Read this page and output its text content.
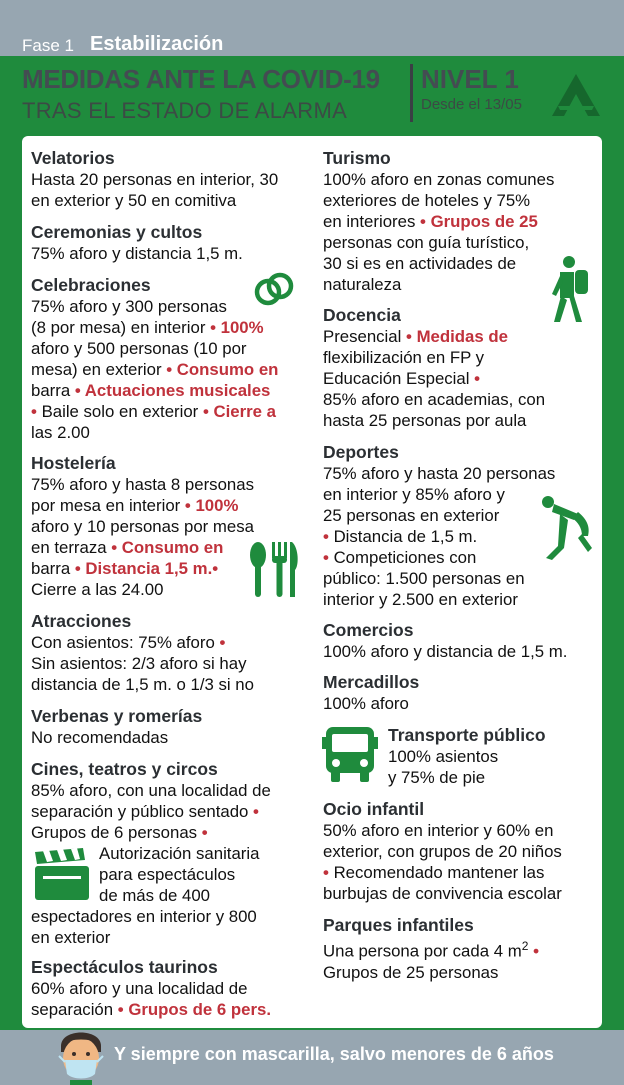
Fase 1 Estabilización
MEDIDAS ANTE LA COVID-19
TRAS EL ESTADO DE ALARMA
NIVEL 1
Desde el 13/05
Velatorios
Hasta 20 personas en interior, 30
en exterior y 50 en comitiva
Ceremonias y cultos
75% aforo y distancia 1,5 m.
Celebraciones
75% aforo y 300 personas
(8 por mesa) en interior • 100%
aforo y 500 personas (10 por
mesa) en exterior • Consumo en
barra • Actuaciones musicales
• Baile solo en exterior • Cierre a
las 2.00
Hostelería
75% aforo y hasta 8 personas
por mesa en interior • 100%
aforo y 10 personas por mesa
en terraza • Consumo en
barra • Distancia 1,5 m.•
Cierre a las 24.00
Atracciones
Con asientos: 75% aforo •
Sin asientos: 2/3 aforo si hay
distancia de 1,5 m. o 1/3 si no
Verbenas y romerías
No recomendadas
Cines, teatros y circos
85% aforo, con una localidad de
separación y público sentado •
Grupos de 6 personas •
Autorización sanitaria
para espectáculos
de más de 400
espectadores en interior y 800
en exterior
Espectáculos taurinos
60% aforo y una localidad de
separación • Grupos de 6 pers.
Turismo
100% aforo en zonas comunes
exteriores de hoteles y 75%
en interiores • Grupos de 25
personas con guía turístico,
30 si es en actividades de
naturaleza
Docencia
Presencial • Medidas de
flexibilización en FP y
Educación Especial •
85% aforo en academias, con
hasta 25 personas por aula
Deportes
75% aforo y hasta 20 personas
en interior y 85% aforo y
25 personas en exterior
• Distancia de 1,5 m.
• Competiciones con
público: 1.500 personas en
interior y 2.500 en exterior
Comercios
100% aforo y distancia de 1,5 m.
Mercadillos
100% aforo
Transporte público
100% asientos
y 75% de pie
Ocio infantil
50% aforo en interior y 60% en
exterior, con grupos de 20 niños
• Recomendado mantener las
burbujas de convivencia escolar
Parques infantiles
Una persona por cada 4 $m^2$ •
Grupos de 25 personas
Y siempre con mascarilla, salvo menores de 6 años
